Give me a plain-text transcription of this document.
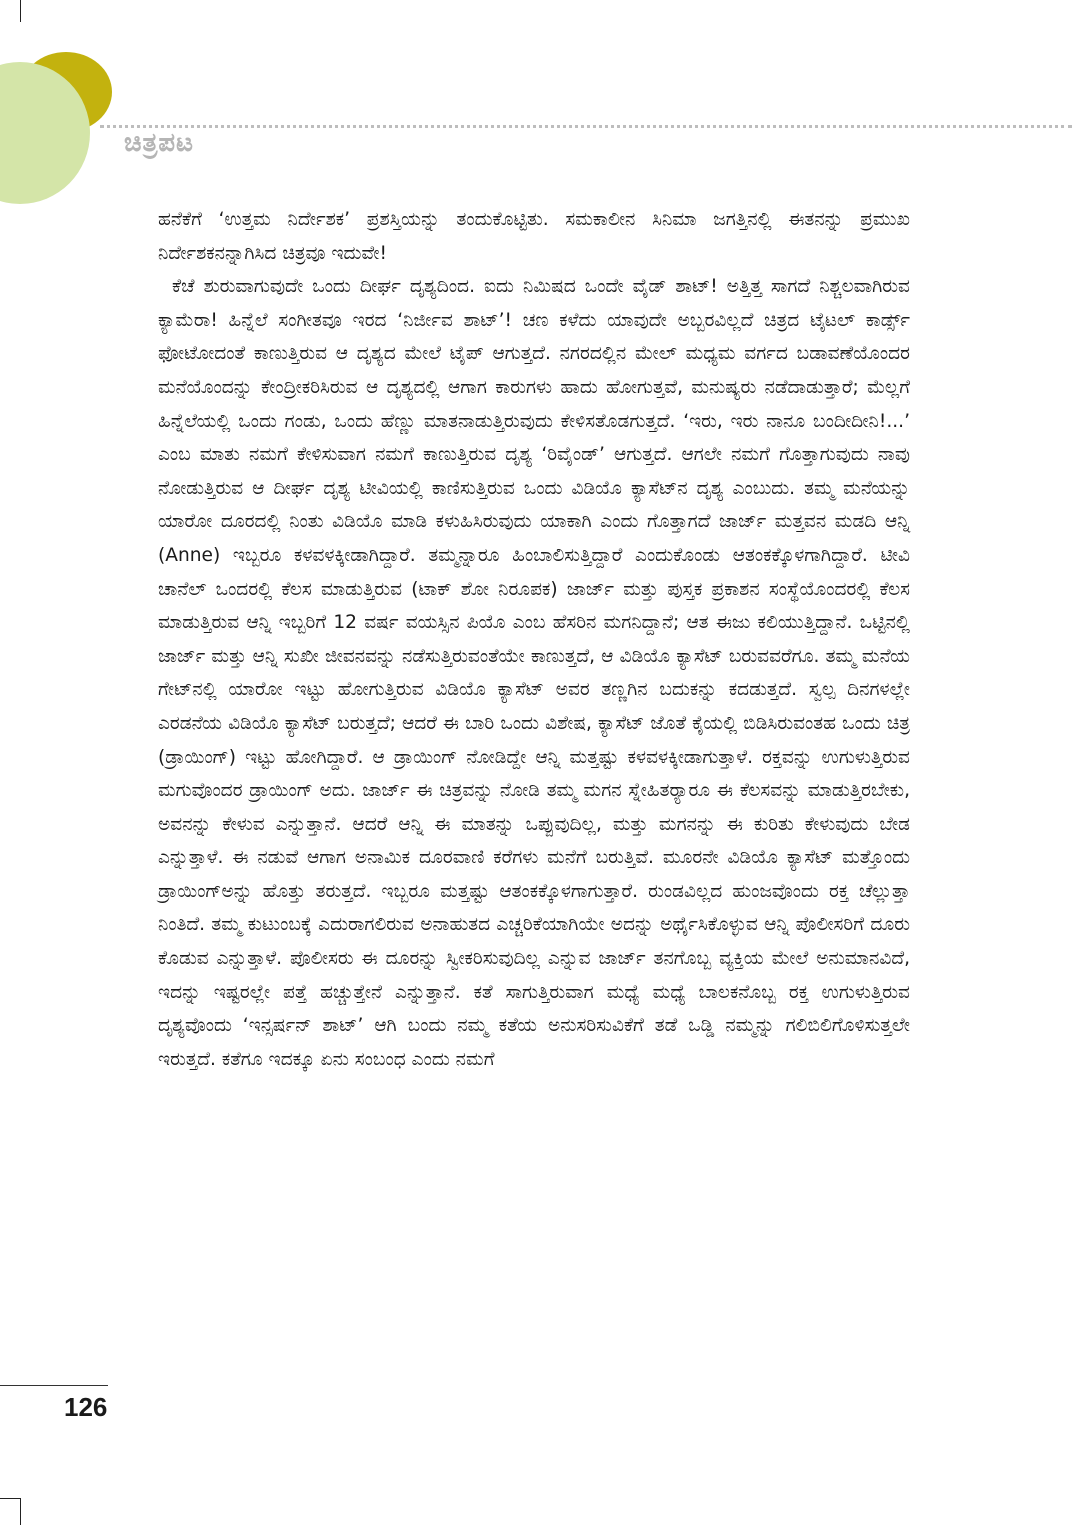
ಚಿತ್ರಪಟ

ಹನೆಕೆಗೆ ‘ಉತ್ತಮ ನಿರ್ದೇಶಕ’ ಪ್ರಶಸ್ತಿಯನ್ನು ತಂದುಕೊಟ್ಟಿತು. ಸಮಕಾಲೀನ ಸಿನಿಮಾ ಜಗತ್ತಿನಲ್ಲಿ ಈತನನ್ನು ಪ್ರಮುಖ ನಿರ್ದೇಶಕನನ್ನಾಗಿಸಿದ ಚಿತ್ರವೂ ಇದುವೇ!

ಕೆಚೆ ಶುರುವಾಗುವುದೇ ಒಂದು ದೀರ್ಘ ದೃಶ್ಯದಿಂದ. ಐದು ನಿಮಿಷದ ಒಂದೇ ವೈಡ್ ಶಾಟ್! ಅತ್ತಿತ್ತ ಸಾಗದೆ ನಿಶ್ಚಲವಾಗಿರುವ ಕ್ಯಾಮೆರಾ! ಹಿನ್ನೆಲೆ ಸಂಗೀತವೂ ಇರದ ‘ನಿರ್ಜೀವ ಶಾಟ್’! ಚಣ ಕಳೆದು ಯಾವುದೇ ಅಬ್ಬರವಿಲ್ಲದೆ ಚಿತ್ರದ ಟೈಟಲ್ ಕಾರ್ಡ್ಸ್ ಫೋಟೋದಂತೆ ಕಾಣುತ್ತಿರುವ ಆ ದೃಶ್ಯದ ಮೇಲೆ ಟೈಪ್ ಆಗುತ್ತದೆ. ನಗರದಲ್ಲಿನ ಮೇಲ್ ಮಧ್ಯಮ ವರ್ಗದ ಬಡಾವಣೆಯೊಂದರ ಮನೆಯೊಂದನ್ನು ಕೇಂದ್ರೀಕರಿಸಿರುವ ಆ ದೃಶ್ಯದಲ್ಲಿ ಆಗಾಗ ಕಾರುಗಳು ಹಾದು ಹೋಗುತ್ತವೆ, ಮನುಷ್ಯರು ನಡೆದಾಡುತ್ತಾರೆ; ಮೆಲ್ಲಗೆ ಹಿನ್ನೆಲೆಯಲ್ಲಿ ಒಂದು ಗಂಡು, ಒಂದು ಹೆಣ್ಣು ಮಾತನಾಡುತ್ತಿರುವುದು ಕೇಳಿಸತೊಡಗುತ್ತದೆ. ‘ಇರು, ಇರು ನಾನೂ ಬಂದೀದೀನಿ!...’ ಎಂಬ ಮಾತು ನಮಗೆ ಕೇಳಿಸುವಾಗ ನಮಗೆ ಕಾಣುತ್ತಿರುವ ದೃಶ್ಯ ‘ರಿವೈಂಡ್’ ಆಗುತ್ತದೆ. ಆಗಲೇ ನಮಗೆ ಗೊತ್ತಾಗುವುದು ನಾವು ನೋಡುತ್ತಿರುವ ಆ ದೀರ್ಘ ದೃಶ್ಯ ಟೀವಿಯಲ್ಲಿ ಕಾಣಿಸುತ್ತಿರುವ ಒಂದು ವಿಡಿಯೊ ಕ್ಯಾಸೆಟ್‌ನ ದೃಶ್ಯ ಎಂಬುದು. ತಮ್ಮ ಮನೆಯನ್ನು ಯಾರೋ ದೂರದಲ್ಲಿ ನಿಂತು ವಿಡಿಯೊ ಮಾಡಿ ಕಳುಹಿಸಿರುವುದು ಯಾಕಾಗಿ ಎಂದು ಗೊತ್ತಾಗದೆ ಜಾರ್ಜ್ ಮತ್ತವನ ಮಡದಿ ಆನ್ನಿ (Anne) ಇಬ್ಬರೂ ಕಳವಳಕ್ಕೀಡಾಗಿದ್ದಾರೆ. ತಮ್ಮನ್ನಾರೂ ಹಿಂಬಾಲಿಸುತ್ತಿದ್ದಾರೆ ಎಂದುಕೊಂಡು ಆತಂಕಕ್ಕೊಳಗಾಗಿದ್ದಾರೆ. ಟೀವಿ ಚಾನೆಲ್ ಒಂದರಲ್ಲಿ ಕೆಲಸ ಮಾಡುತ್ತಿರುವ (ಟಾಕ್ ಶೋ ನಿರೂಪಕ) ಜಾರ್ಜ್ ಮತ್ತು ಪುಸ್ತಕ ಪ್ರಕಾಶನ ಸಂಸ್ಥೆಯೊಂದರಲ್ಲಿ ಕೆಲಸ ಮಾಡುತ್ತಿರುವ ಆನ್ನಿ ಇಬ್ಬರಿಗೆ 12 ವರ್ಷ ವಯಸ್ಸಿನ ಪಿಯೊ ಎಂಬ ಹೆಸರಿನ ಮಗನಿದ್ದಾನೆ; ಆತ ಈಜು ಕಲಿಯುತ್ತಿದ್ದಾನೆ. ಒಟ್ಟಿನಲ್ಲಿ ಜಾರ್ಜ್ ಮತ್ತು ಆನ್ನಿ ಸುಖೀ ಜೀವನವನ್ನು ನಡೆಸುತ್ತಿರುವಂತೆಯೇ ಕಾಣುತ್ತದೆ, ಆ ವಿಡಿಯೊ ಕ್ಯಾಸೆಟ್ ಬರುವವರೆಗೂ. ತಮ್ಮ ಮನೆಯ ಗೇಟ್‌ನಲ್ಲಿ ಯಾರೋ ಇಟ್ಟು ಹೋಗುತ್ತಿರುವ ವಿಡಿಯೊ ಕ್ಯಾಸೆಟ್ ಅವರ ತಣ್ಣಗಿನ ಬದುಕನ್ನು ಕದಡುತ್ತದೆ. ಸ್ವಲ್ಪ ದಿನಗಳಲ್ಲೇ ಎರಡನೆಯ ವಿಡಿಯೊ ಕ್ಯಾಸೆಟ್ ಬರುತ್ತದೆ; ಆದರೆ ಈ ಬಾರಿ ಒಂದು ವಿಶೇಷ, ಕ್ಯಾಸೆಟ್ ಜೊತೆ ಕೈಯಲ್ಲಿ ಬಿಡಿಸಿರುವಂತಹ ಒಂದು ಚಿತ್ರ (ಡ್ರಾಯಿಂಗ್) ಇಟ್ಟು ಹೋಗಿದ್ದಾರೆ. ಆ ಡ್ರಾಯಿಂಗ್ ನೋಡಿದ್ದೇ ಆನ್ನಿ ಮತ್ತಷ್ಟು ಕಳವಳಕ್ಕೀಡಾಗುತ್ತಾಳೆ. ರಕ್ತವನ್ನು ಉಗುಳುತ್ತಿರುವ ಮಗುವೊಂದರ ಡ್ರಾಯಿಂಗ್ ಅದು. ಜಾರ್ಜ್ ಈ ಚಿತ್ರವನ್ನು ನೋಡಿ ತಮ್ಮ ಮಗನ ಸ್ನೇಹಿತರ್‍ಯಾರೂ ಈ ಕೆಲಸವನ್ನು ಮಾಡುತ್ತಿರಬೇಕು, ಅವನನ್ನು ಕೇಳುವ ಎನ್ನುತ್ತಾನೆ. ಆದರೆ ಆನ್ನಿ ಈ ಮಾತನ್ನು ಒಪ್ಪುವುದಿಲ್ಲ, ಮತ್ತು ಮಗನನ್ನು ಈ ಕುರಿತು ಕೇಳುವುದು ಬೇಡ ಎನ್ನುತ್ತಾಳೆ. ಈ ನಡುವೆ ಆಗಾಗ ಅನಾಮಿಕ ದೂರವಾಣಿ ಕರೆಗಳು ಮನೆಗೆ ಬರುತ್ತಿವೆ. ಮೂರನೇ ವಿಡಿಯೊ ಕ್ಯಾಸೆಟ್ ಮತ್ತೊಂದು ಡ್ರಾಯಿಂಗ್‌ಅನ್ನು ಹೊತ್ತು ತರುತ್ತದೆ. ಇಬ್ಬರೂ ಮತ್ತಷ್ಟು ಆತಂಕಕ್ಕೊಳಗಾಗುತ್ತಾರೆ. ರುಂಡವಿಲ್ಲದ ಹುಂಜವೊಂದು ರಕ್ತ ಚೆಲ್ಲುತ್ತಾ ನಿಂತಿದೆ. ತಮ್ಮ ಕುಟುಂಬಕ್ಕೆ ಎದುರಾಗಲಿರುವ ಅನಾಹುತದ ಎಚ್ಚರಿಕೆಯಾಗಿಯೇ ಅದನ್ನು ಅರ್ಥೈಸಿಕೊಳ್ಳುವ ಆನ್ನಿ ಪೊಲೀಸರಿಗೆ ದೂರು ಕೊಡುವ ಎನ್ನುತ್ತಾಳೆ. ಪೊಲೀಸರು ಈ ದೂರನ್ನು ಸ್ವೀಕರಿಸುವುದಿಲ್ಲ ಎನ್ನುವ ಜಾರ್ಜ್ ತನಗೊಬ್ಬ ವ್ಯಕ್ತಿಯ ಮೇಲೆ ಅನುಮಾನವಿದೆ, ಇದನ್ನು ಇಷ್ಟರಲ್ಲೇ ಪತ್ತೆ ಹಚ್ಚುತ್ತೇನೆ ಎನ್ನುತ್ತಾನೆ. ಕತೆ ಸಾಗುತ್ತಿರುವಾಗ ಮಧ್ಯೆ ಮಧ್ಯೆ ಬಾಲಕನೊಬ್ಬ ರಕ್ತ ಉಗುಳುತ್ತಿರುವ ದೃಶ್ಯವೊಂದು ‘ಇನ್ಸರ್ಷನ್ ಶಾಟ್’ ಆಗಿ ಬಂದು ನಮ್ಮ ಕತೆಯ ಅನುಸರಿಸುವಿಕೆಗೆ ತಡೆ ಒಡ್ಡಿ ನಮ್ಮನ್ನು ಗಲಿಬಿಲಿಗೊಳಿಸುತ್ತಲೇ ಇರುತ್ತದೆ. ಕತೆಗೂ ಇದಕ್ಕೂ ಏನು ಸಂಬಂಧ ಎಂದು ನಮಗೆ

126
